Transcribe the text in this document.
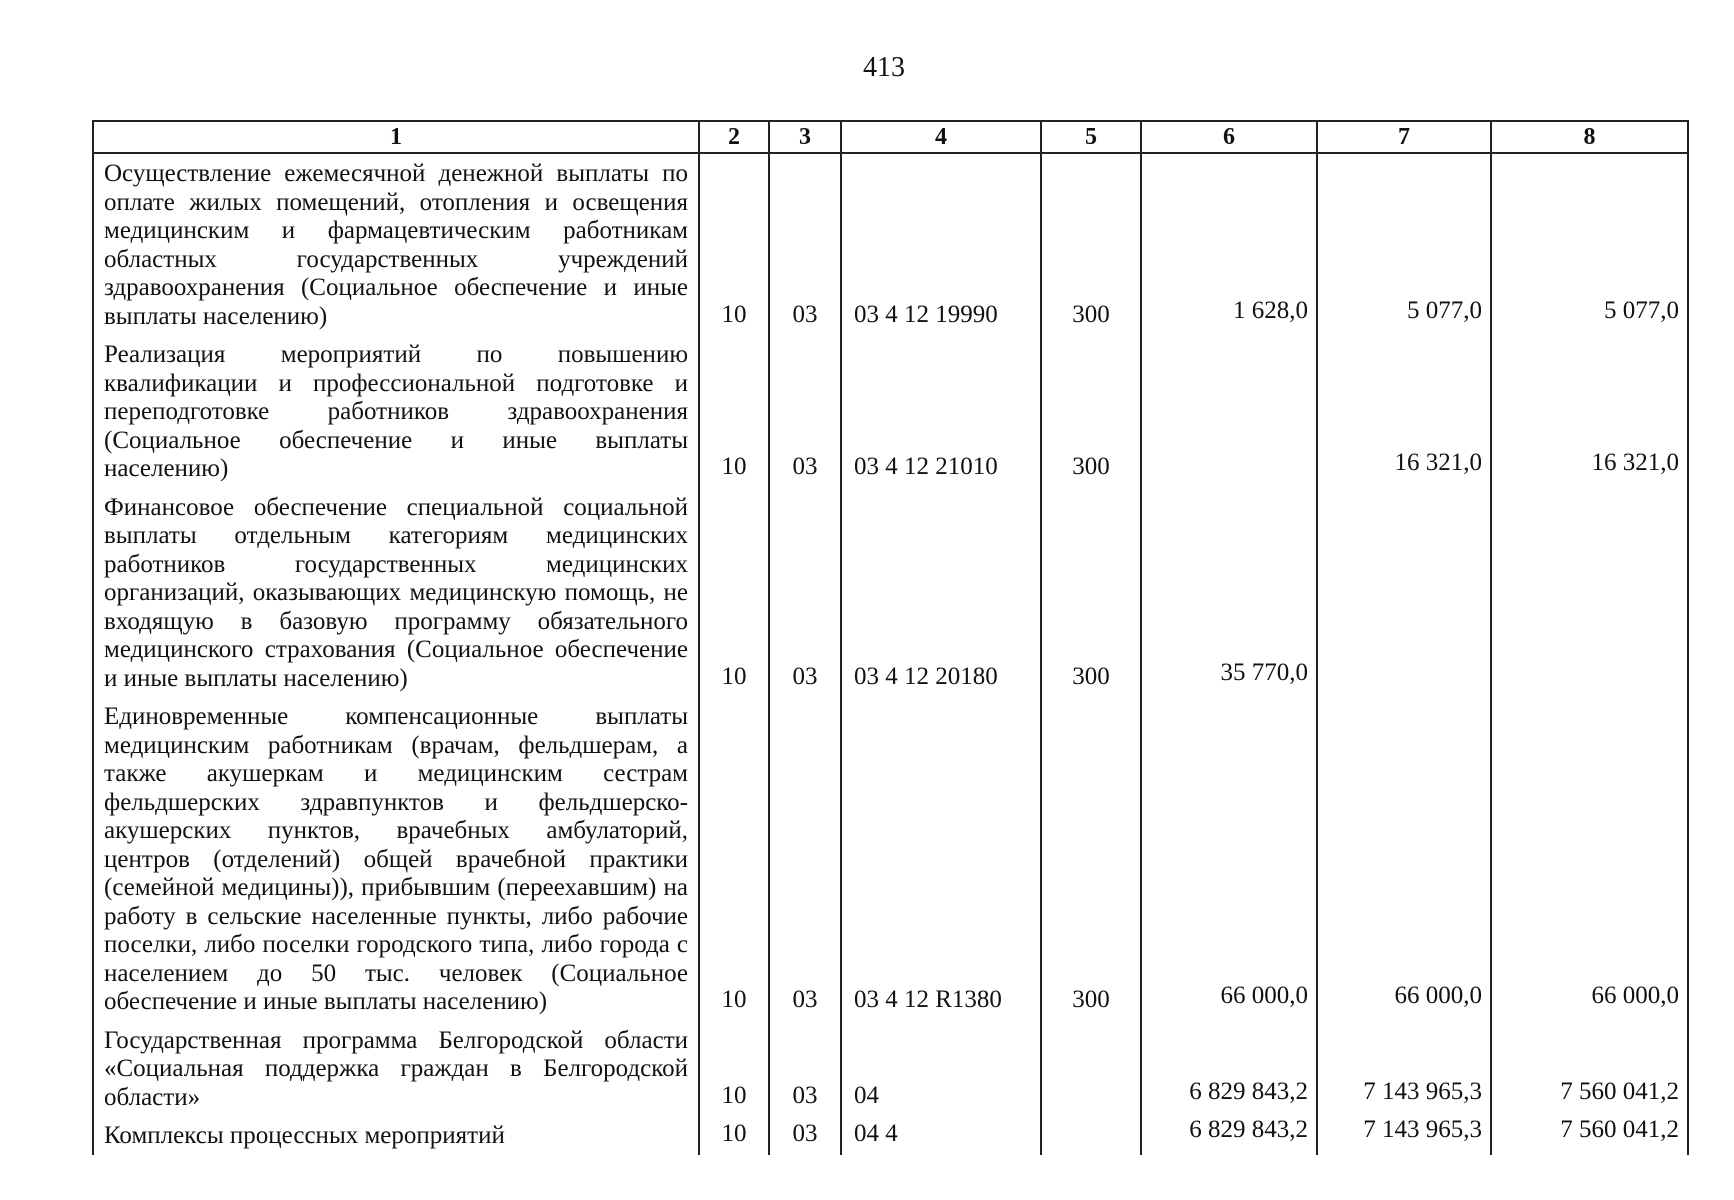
413
1	2	3	4	5	6	7	8

Осуществление ежемесячной денежной выплаты по оплате жилых помещений, отопления и освещения медицинским и фармацевтическим работникам областных государственных учреждений здравоохранения (Социальное обеспечение и иные выплаты населению)	10	03	03 4 12 19990	300	1 628,0	5 077,0	5 077,0

Реализация мероприятий по повышению квалификации и профессиональной подготовке и переподготовке работников здравоохранения (Социальное обеспечение и иные выплаты населению)	10	03	03 4 12 21010	300		16 321,0	16 321,0

Финансовое обеспечение специальной социальной выплаты отдельным категориям медицинских работников государственных медицинских организаций, оказывающих медицинскую помощь, не входящую в базовую программу обязательного медицинского страхования (Социальное обеспечение и иные выплаты населению)	10	03	03 4 12 20180	300	35 770,0		

Единовременные компенсационные выплаты медицинским работникам (врачам, фельдшерам, а также акушеркам и медицинским сестрам фельдшерских здравпунктов и фельдшерско-акушерских пунктов, врачебных амбулаторий, центров (отделений) общей врачебной практики (семейной медицины)), прибывшим (переехавшим) на работу в сельские населенные пункты, либо рабочие поселки, либо поселки городского типа, либо города с населением до 50 тыс. человек (Социальное обеспечение и иные выплаты населению)	10	03	03 4 12 R1380	300	66 000,0	66 000,0	66 000,0

Государственная программа Белгородской области «Социальная поддержка граждан в Белгородской области»	10	03	04		6 829 843,2	7 143 965,3	7 560 041,2

Комплексы процессных мероприятий	10	03	04 4		6 829 843,2	7 143 965,3	7 560 041,2
